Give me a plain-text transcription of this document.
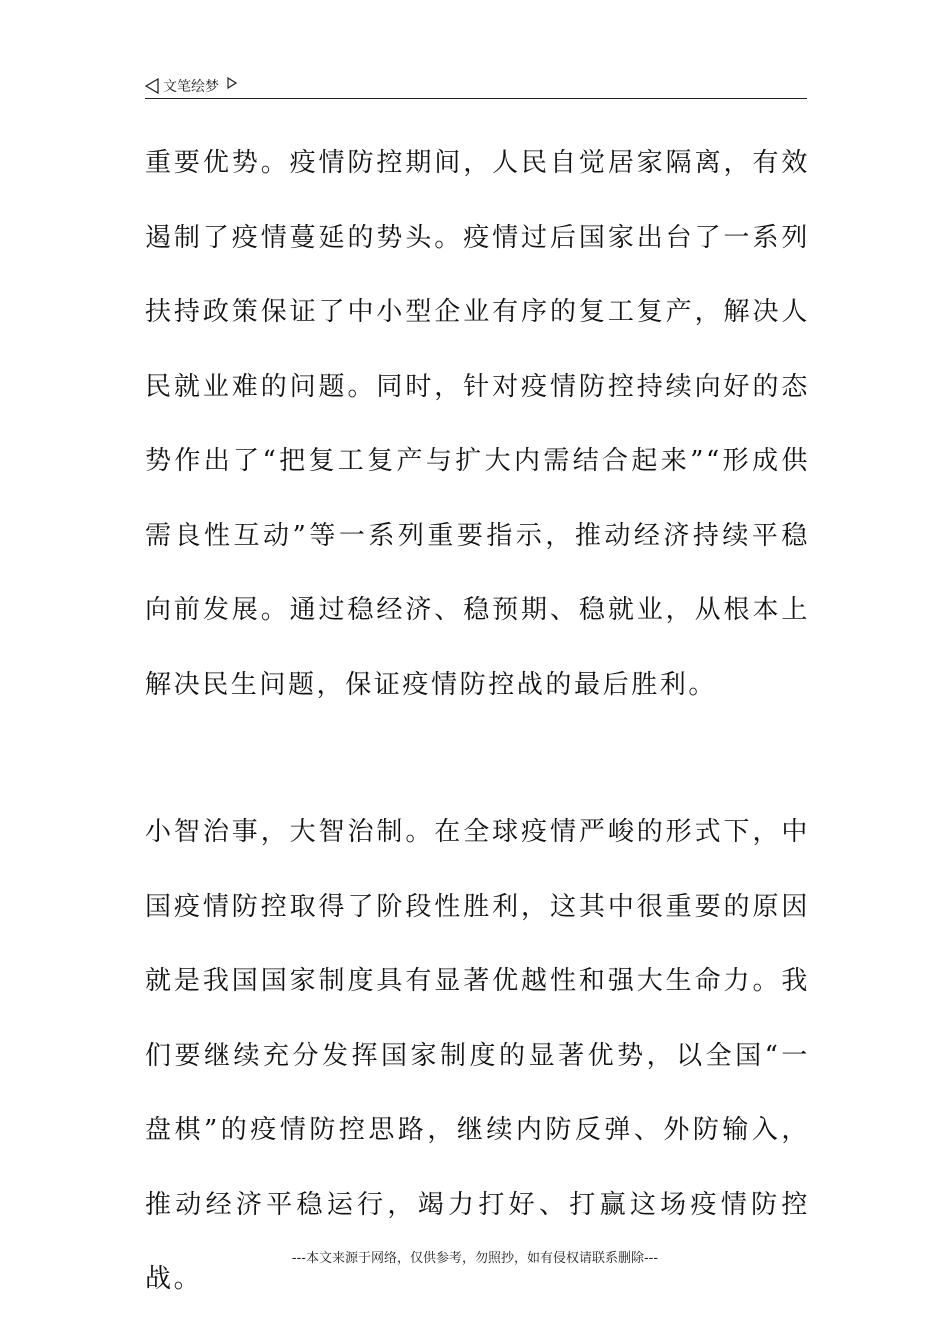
文笔绘梦

重要优势。疫情防控期间，人民自觉居家隔离，有效遏制了疫情蔓延的势头。疫情过后国家出台了一系列扶持政策保证了中小型企业有序的复工复产，解决人民就业难的问题。同时，针对疫情防控持续向好的态势作出了“把复工复产与扩大内需结合起来”“形成供需良性互动”等一系列重要指示，推动经济持续平稳向前发展。通过稳经济、稳预期、稳就业，从根本上解决民生问题，保证疫情防控战的最后胜利。

小智治事，大智治制。在全球疫情严峻的形式下，中国疫情防控取得了阶段性胜利，这其中很重要的原因就是我国国家制度具有显著优越性和强大生命力。我们要继续充分发挥国家制度的显著优势，以全国“一盘棋”的疫情防控思路，继续内防反弹、外防输入，推动经济平稳运行，竭力打好、打赢这场疫情防控战。

---本文来源于网络，仅供参考，勿照抄，如有侵权请联系删除---
